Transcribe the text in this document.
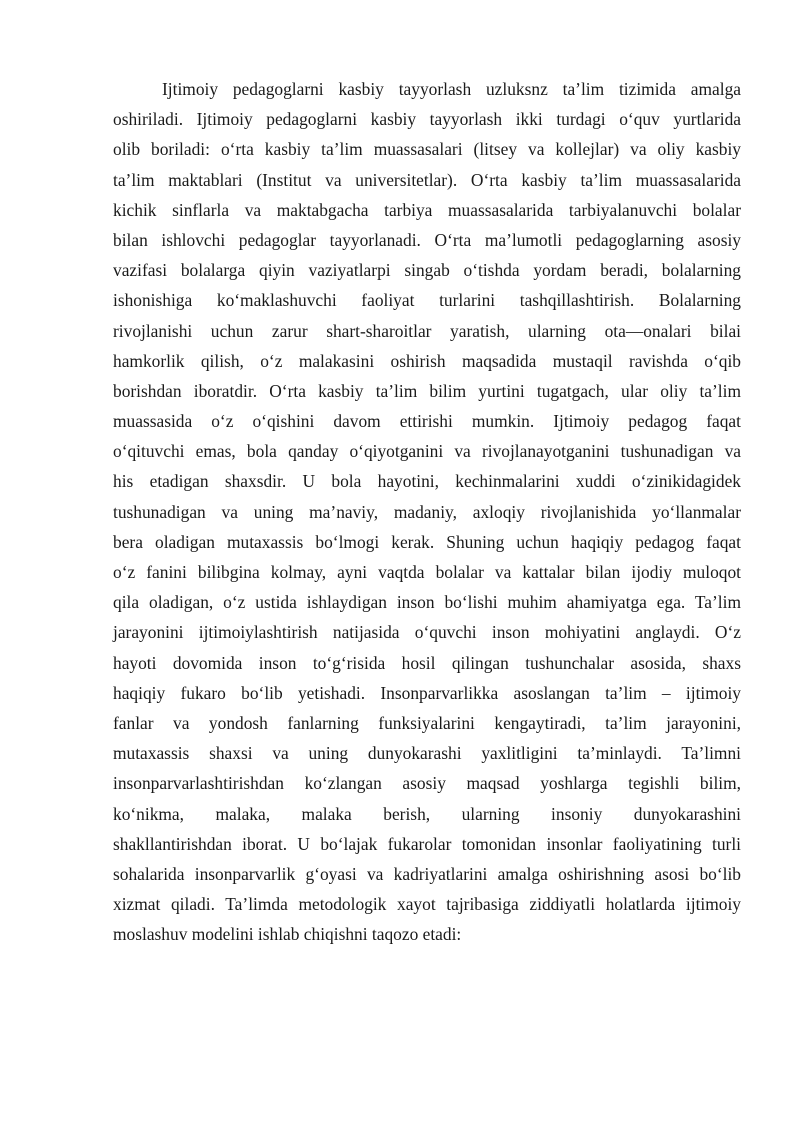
Ijtimoiy pedagoglarni kasbiy tayyorlash uzluksnz ta’lim tizimida amalga
oshiriladi. Ijtimoiy pedagoglarni kasbiy tayyorlash ikki turdagi o‘quv yurtlarida
olib boriladi: o‘rta kasbiy ta’lim muassasalari (litsey va kollejlar) va oliy kasbiy
ta’lim maktablari (Institut va universitetlar). O‘rta kasbiy ta’lim muassasalarida
kichik sinflarla va maktabgacha tarbiya muassasalarida tarbiyalanuvchi bolalar
bilan ishlovchi pedagoglar tayyorlanadi. O‘rta ma’lumotli pedagoglarning asosiy
vazifasi bolalarga qiyin vaziyatlarpi singab o‘tishda yordam beradi, bolalarning
ishonishiga ko‘maklashuvchi faoliyat turlarini tashqillashtirish. Bolalarning
rivojlanishi uchun zarur shart-sharoitlar yaratish, ularning ota—onalari bilai
hamkorlik qilish, o‘z malakasini oshirish maqsadida mustaqil ravishda o‘qib
borishdan iboratdir. O‘rta kasbiy ta’lim bilim yurtini tugatgach, ular oliy ta’lim
muassasida o‘z o‘qishini davom ettirishi mumkin. Ijtimoiy pedagog faqat
o‘qituvchi emas, bola qanday o‘qiyotganini va rivojlanayotganini tushunadigan va
his etadigan shaxsdir. U bola hayotini, kechinmalarini xuddi o‘zinikidagidek
tushunadigan va uning ma’naviy, madaniy, axloqiy rivojlanishida yo‘llanmalar
bera oladigan mutaxassis bo‘lmogi kerak. Shuning uchun haqiqiy pedagog faqat
o‘z fanini bilibgina kolmay, ayni vaqtda bolalar va kattalar bilan ijodiy muloqot
qila oladigan, o‘z ustida ishlaydigan inson bo‘lishi muhim ahamiyatga ega. Ta’lim
jarayonini ijtimoiylashtirish natijasida o‘quvchi inson mohiyatini anglaydi. O‘z
hayoti dovomida inson to‘g‘risida hosil qilingan tushunchalar asosida, shaxs
haqiqiy fukaro bo‘lib yetishadi. Insonparvarlikka asoslangan ta’lim – ijtimoiy
fanlar va yondosh fanlarning funksiyalarini kengaytiradi, ta’lim jarayonini,
mutaxassis shaxsi va uning dunyokarashi yaxlitligini ta’minlaydi. Ta’limni
insonparvarlashtirishdan ko‘zlangan asosiy maqsad yoshlarga tegishli bilim,
ko‘nikma, malaka, malaka berish, ularning insoniy dunyokarashini
shakllantirishdan iborat. U bo‘lajak fukarolar tomonidan insonlar faoliyatining turli
sohalarida insonparvarlik g‘oyasi va kadriyatlarini amalga oshirishning asosi bo‘lib
xizmat qiladi. Ta’limda metodologik xayot tajribasiga ziddiyatli holatlarda ijtimoiy
moslashuv modelini ishlab chiqishni taqozo etadi:
